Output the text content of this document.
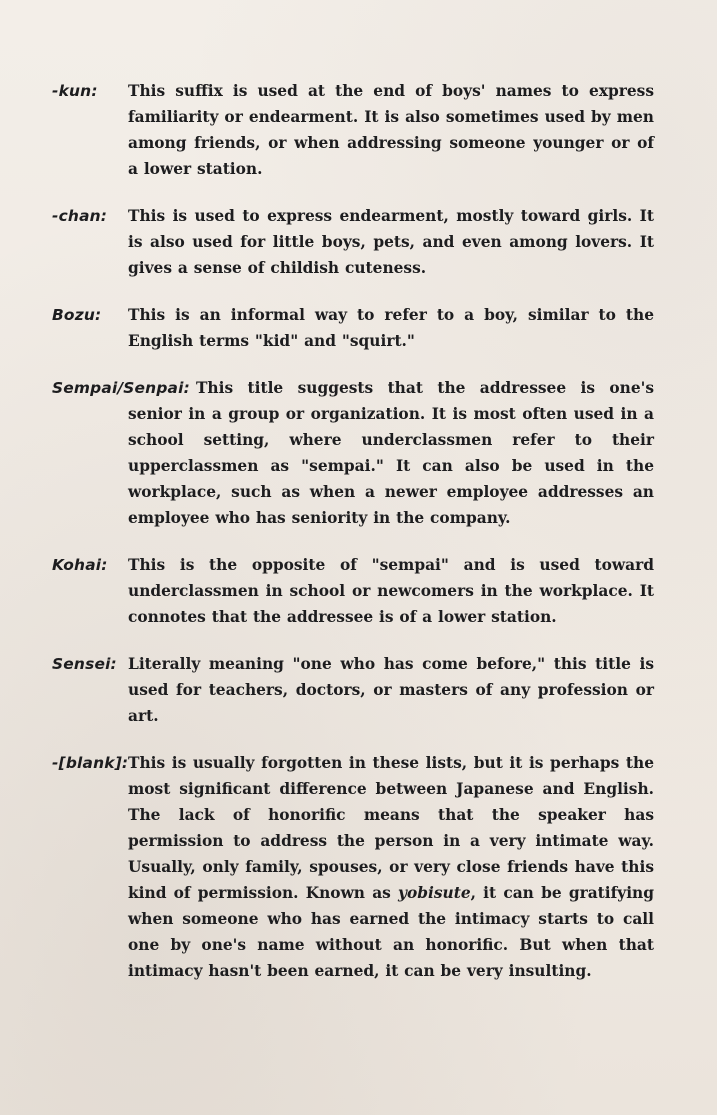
-kun: This suffix is used at the end of boys' names to express familiarity or endearment. It is also sometimes used by men among friends, or when addressing someone younger or of a lower station.
-chan: This is used to express endearment, mostly toward girls. It is also used for little boys, pets, and even among lovers. It gives a sense of childish cuteness.
Bozu: This is an informal way to refer to a boy, similar to the English terms "kid" and "squirt."
Sempai/Senpai: This title suggests that the addressee is one's senior in a group or organization. It is most often used in a school setting, where underclassmen refer to their upperclassmen as "sempai." It can also be used in the workplace, such as when a newer employee addresses an employee who has seniority in the company.
Kohai: This is the opposite of "sempai" and is used toward underclassmen in school or newcomers in the workplace. It connotes that the addressee is of a lower station.
Sensei: Literally meaning "one who has come before," this title is used for teachers, doctors, or masters of any profession or art.
-[blank]: This is usually forgotten in these lists, but it is perhaps the most significant difference between Japanese and English. The lack of honorific means that the speaker has permission to address the person in a very intimate way. Usually, only family, spouses, or very close friends have this kind of permission. Known as yobisute, it can be gratifying when someone who has earned the intimacy starts to call one by one's name without an honorific. But when that intimacy hasn't been earned, it can be very insulting.
